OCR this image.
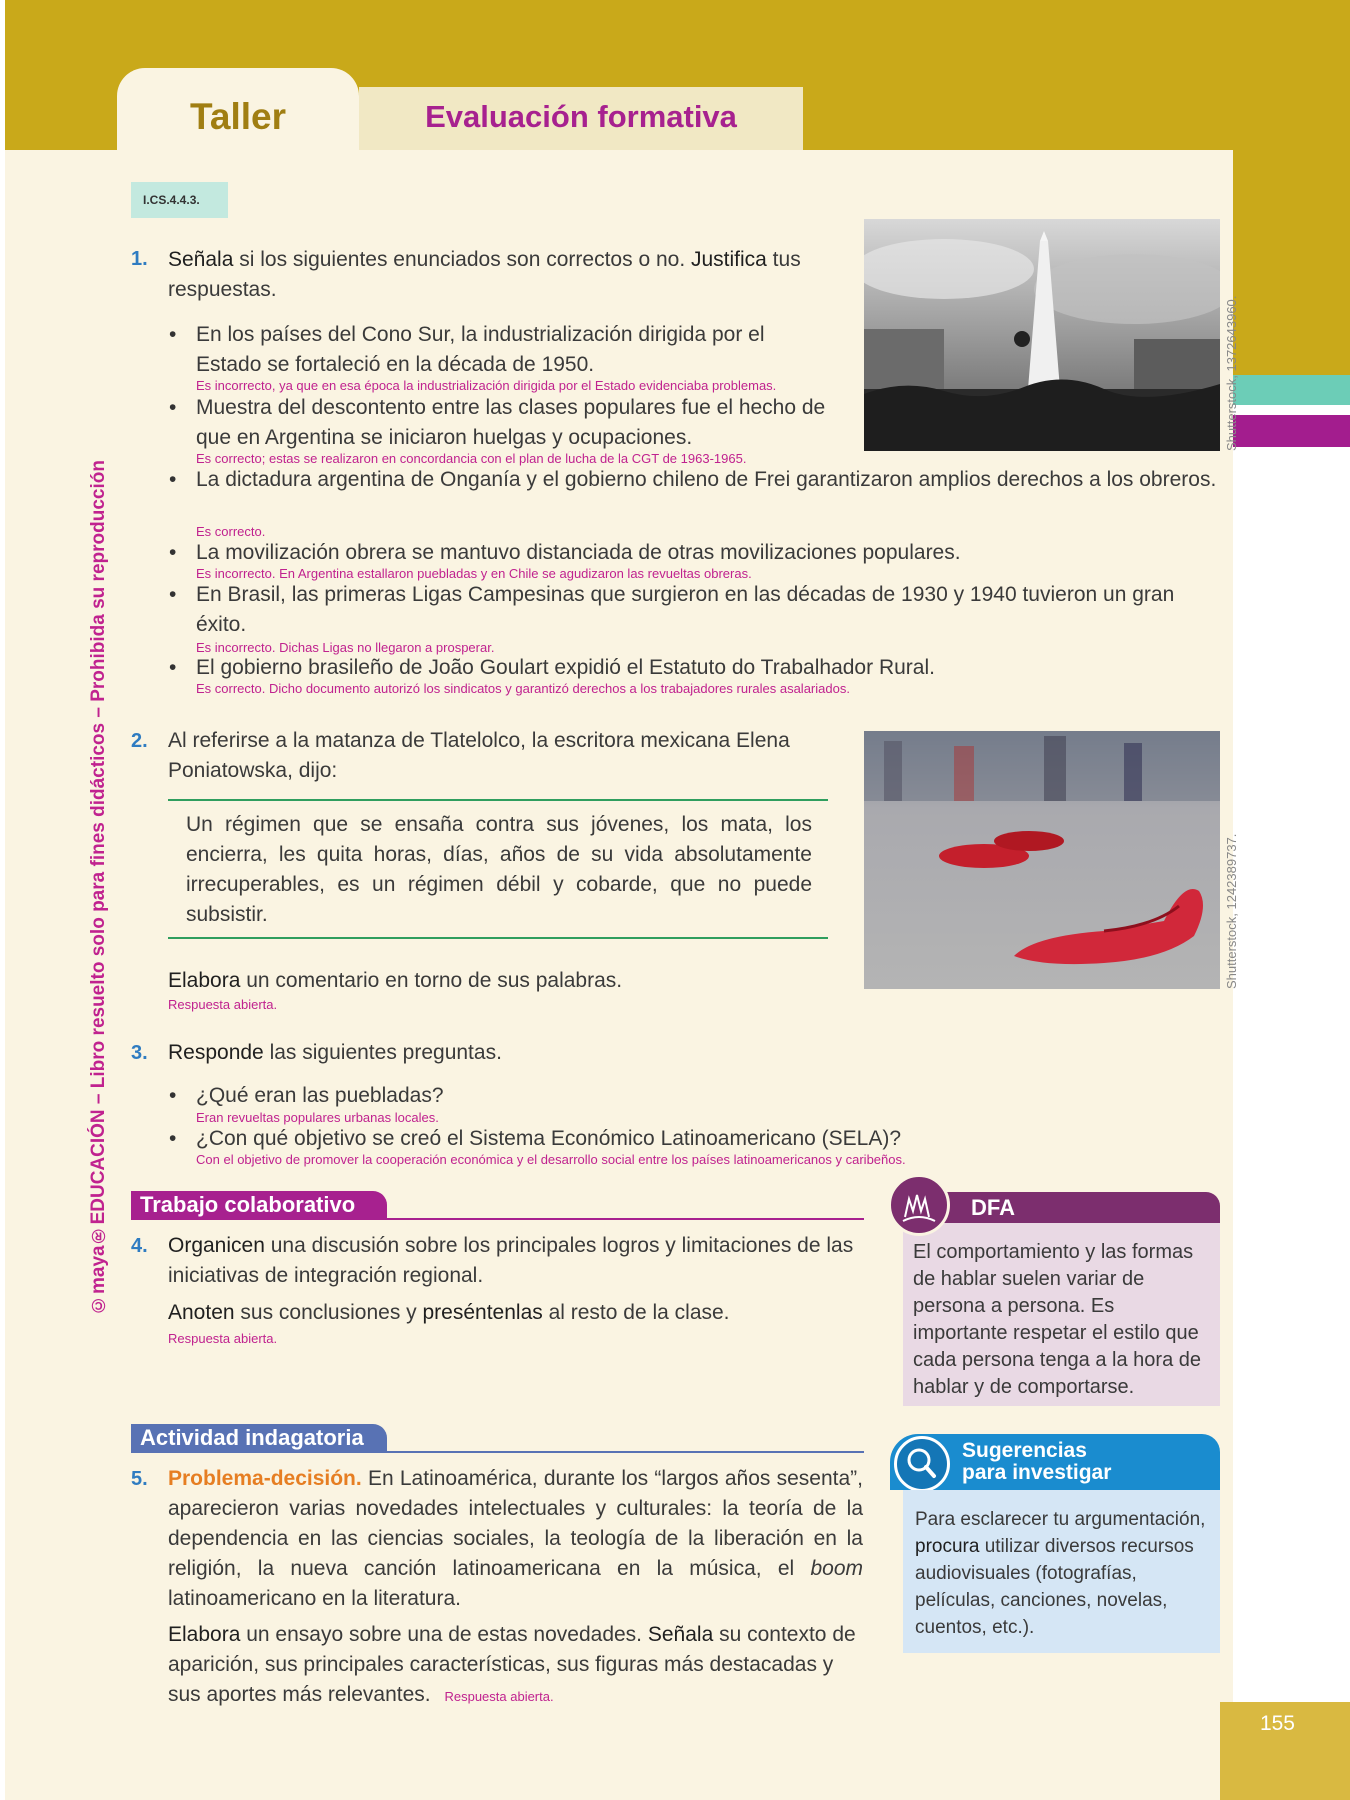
Taller	Evaluación formativa
I.CS.4.4.3.
©maya®EDUCACIÓN – Libro resuelto solo para fines didácticos – Prohibida su reproducción
1. Señala si los siguientes enunciados son correctos o no. Justifica tus respuestas.
• En los países del Cono Sur, la industrialización dirigida por el Estado se fortaleció en la década de 1950.
Es incorrecto, ya que en esa época la industrialización dirigida por el Estado evidenciaba problemas.
• Muestra del descontento entre las clases populares fue el hecho de que en Argentina se iniciaron huelgas y ocupaciones.
Es correcto; estas se realizaron en concordancia con el plan de lucha de la CGT de 1963-1965.
• La dictadura argentina de Onganía y el gobierno chileno de Frei garantizaron amplios derechos a los obreros.
Es correcto.
• La movilización obrera se mantuvo distanciada de otras movilizaciones populares.
Es incorrecto. En Argentina estallaron puebladas y en Chile se agudizaron las revueltas obreras.
• En Brasil, las primeras Ligas Campesinas que surgieron en las décadas de 1930 y 1940 tuvieron un gran éxito.
Es incorrecto. Dichas Ligas no llegaron a prosperar.
• El gobierno brasileño de João Goulart expidió el Estatuto do Trabalhador Rural.
Es correcto. Dicho documento autorizó los sindicatos y garantizó derechos a los trabajadores rurales asalariados.
Shutterstock, 1372643960.
2. Al referirse a la matanza de Tlatelolco, la escritora mexicana Elena Poniatowska, dijo:
Un régimen que se ensaña contra sus jóvenes, los mata, los encierra, les quita horas, días, años de su vida absolutamente irrecuperables, es un régimen débil y cobarde, que no puede subsistir.
Elabora un comentario en torno de sus palabras.
Respuesta abierta.
Shutterstock, 1242389737.
3. Responde las siguientes preguntas.
• ¿Qué eran las puebladas?
Eran revueltas populares urbanas locales.
• ¿Con qué objetivo se creó el Sistema Económico Latinoamericano (SELA)?
Con el objetivo de promover la cooperación económica y el desarrollo social entre los países latinoamericanos y caribeños.
Trabajo colaborativo
4. Organicen una discusión sobre los principales logros y limitaciones de las iniciativas de integración regional.
Anoten sus conclusiones y preséntenlas al resto de la clase.
Respuesta abierta.
DFA
El comportamiento y las formas de hablar suelen variar de persona a persona. Es importante respetar el estilo que cada persona tenga a la hora de hablar y de comportarse.
Actividad indagatoria
5. Problema-decisión. En Latinoamérica, durante los “largos años sesenta”, aparecieron varias novedades intelectuales y culturales: la teoría de la dependencia en las ciencias sociales, la teología de la liberación en la religión, la nueva canción latinoamericana en la música, el boom latinoamericano en la literatura.
Elabora un ensayo sobre una de estas novedades. Señala su contexto de aparición, sus principales características, sus figuras más destacadas y sus aportes más relevantes. Respuesta abierta.
Sugerencias
para investigar
Para esclarecer tu argumentación, procura utilizar diversos recursos audiovisuales (fotografías, películas, canciones, novelas, cuentos, etc.).
155
